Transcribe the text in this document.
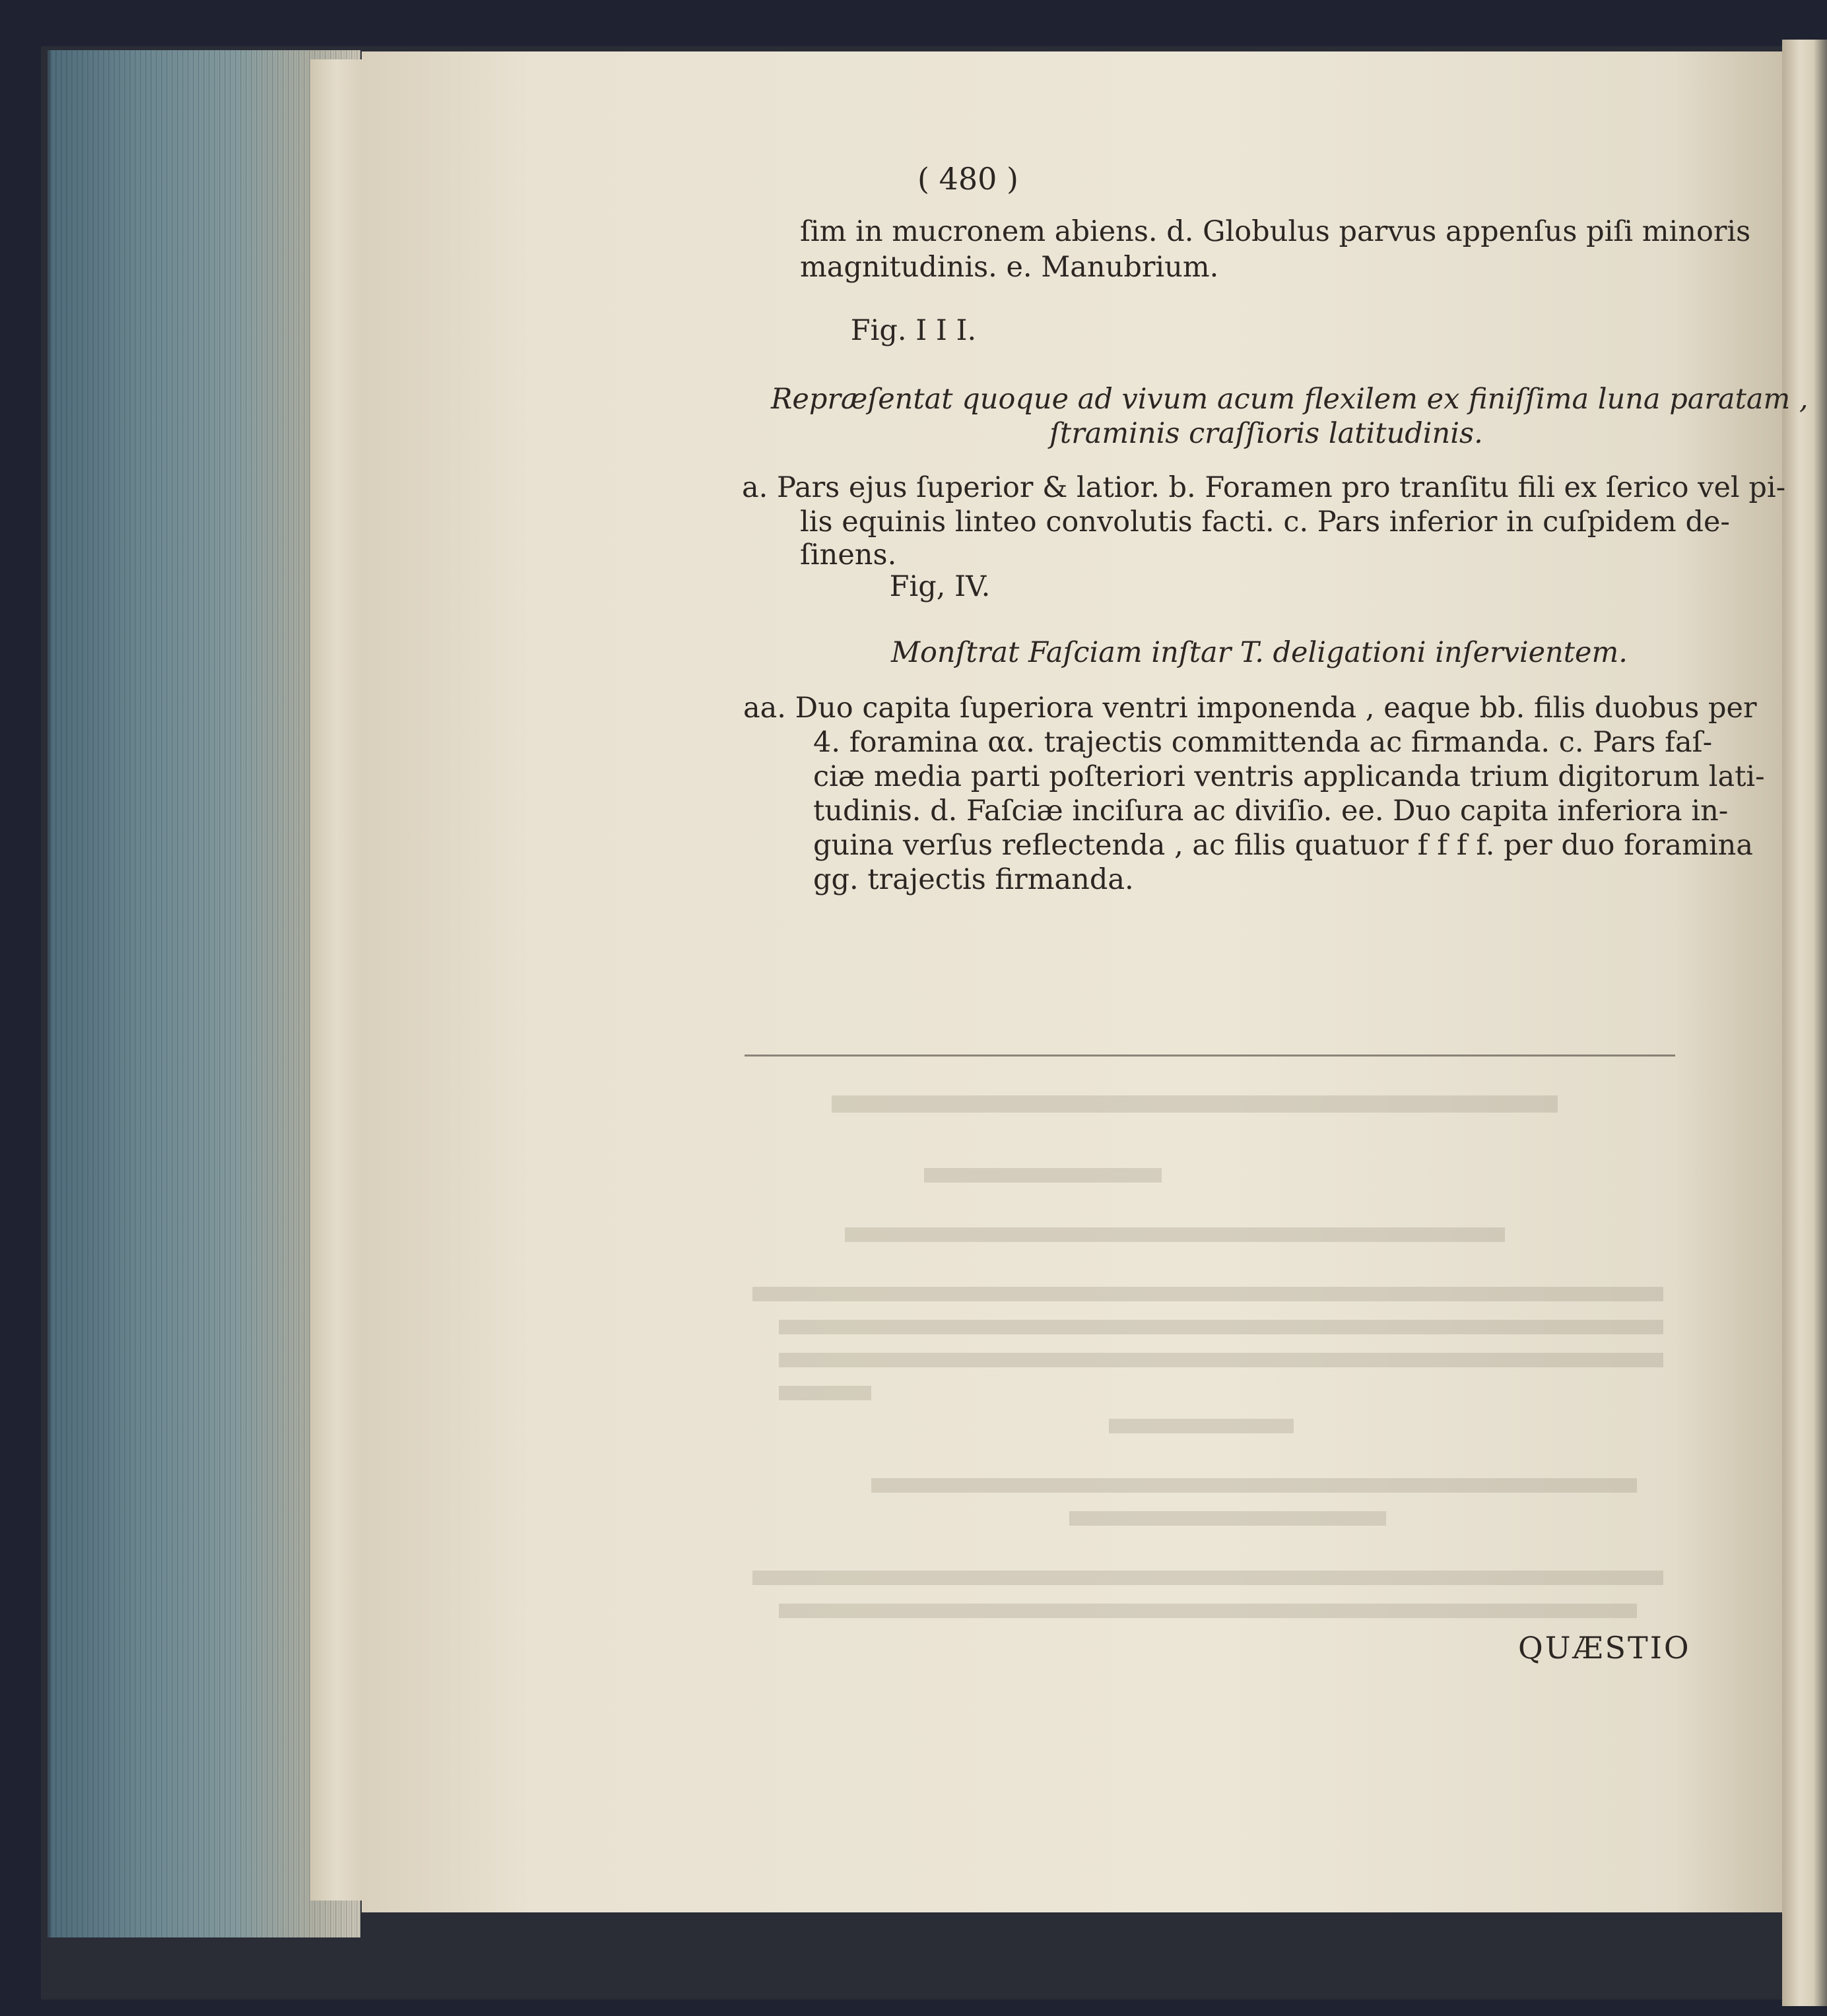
( 480 )
ſim in mucronem abiens. d. Globulus parvus appenſus piſi minoris
magnitudinis. e. Manubrium.
Fig. I I I.
Repræſentat quoque ad vivum acum flexilem ex finiſſima luna paratam ,
ſtraminis craſſioris latitudinis.
a. Pars ejus ſuperior & latior. b. Foramen pro tranſitu fili ex ſerico vel pi-
lis equinis linteo convolutis facti. c. Pars inferior in cuſpidem de-
ſinens.
Fig, IV.
Monſtrat Faſciam inſtar T. deligationi inſervientem.
aa. Duo capita ſuperiora ventri imponenda , eaque bb. filis duobus per
4. foramina αα. trajectis committenda ac firmanda. c. Pars faſ-
ciæ media parti poſteriori ventris applicanda trium digitorum lati-
tudinis. d. Faſciæ inciſura ac diviſio. ee. Duo capita inferiora in-
guina verſus reflectenda , ac filis quatuor f f f f. per duo foramina
gg. trajectis firmanda.
QUÆSTIO
